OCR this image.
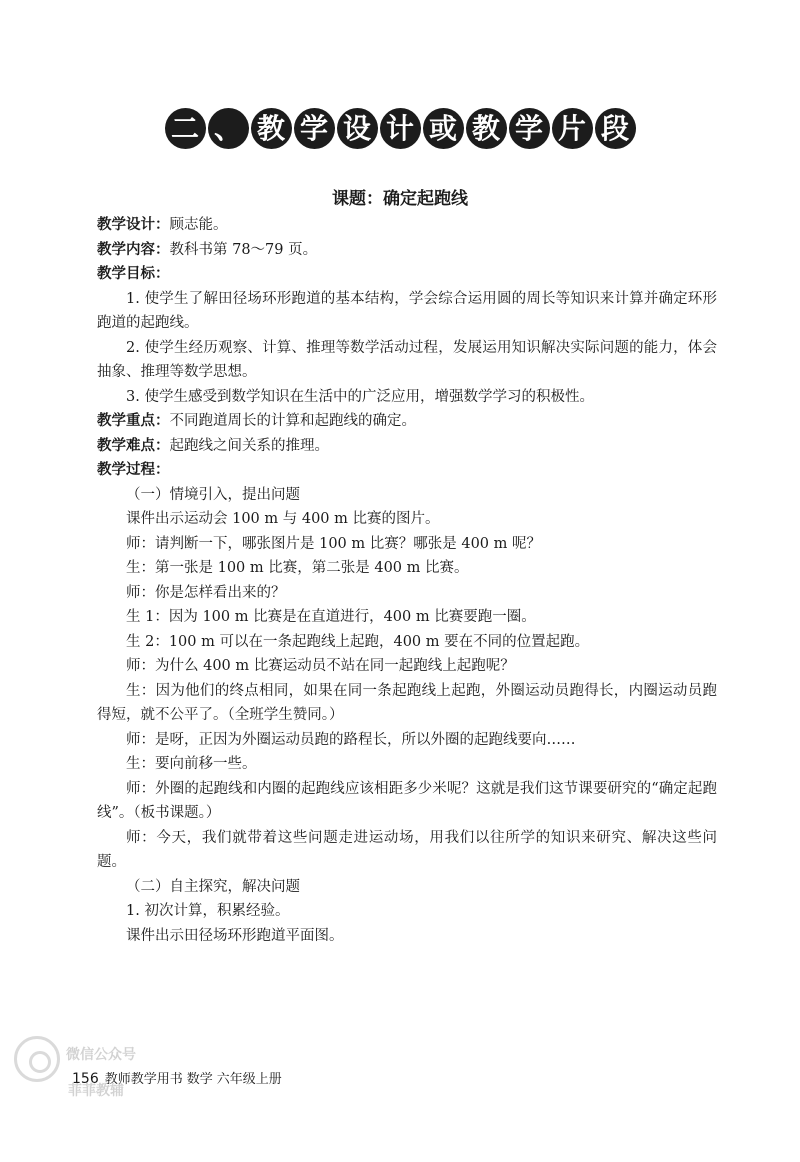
二 、 教 学 设 计 或 教 学 片 段
课题：确定起跑线

教学设计：顾志能。

教学内容：教科书第 78～79 页。

教学目标：

1. 使学生了解田径场环形跑道的基本结构，学会综合运用圆的周长等知识来计算并确定环形跑道的起跑线。

2. 使学生经历观察、计算、推理等数学活动过程，发展运用知识解决实际问题的能力，体会抽象、推理等数学思想。

3. 使学生感受到数学知识在生活中的广泛应用，增强数学学习的积极性。

教学重点：不同跑道周长的计算和起跑线的确定。

教学难点：起跑线之间关系的推理。

教学过程：

（一）情境引入，提出问题

课件出示运动会 100 m 与 400 m 比赛的图片。

师：请判断一下，哪张图片是 100 m 比赛？哪张是 400 m 呢？

生：第一张是 100 m 比赛，第二张是 400 m 比赛。

师：你是怎样看出来的？

生 1：因为 100 m 比赛是在直道进行，400 m 比赛要跑一圈。

生 2：100 m 可以在一条起跑线上起跑，400 m 要在不同的位置起跑。

师：为什么 400 m 比赛运动员不站在同一起跑线上起跑呢？

生：因为他们的终点相同，如果在同一条起跑线上起跑，外圈运动员跑得长，内圈运动员跑得短，就不公平了。（全班学生赞同。）

师：是呀，正因为外圈运动员跑的路程长，所以外圈的起跑线要向……

生：要向前移一些。

师：外圈的起跑线和内圈的起跑线应该相距多少米呢？这就是我们这节课要研究的“确定起跑线”。（板书课题。）

师：今天，我们就带着这些问题走进运动场，用我们以往所学的知识来研究、解决这些问题。

（二）自主探究，解决问题

1. 初次计算，积累经验。

课件出示田径场环形跑道平面图。

微信公众号
菲菲教辅
156 教师教学用书 数学 六年级上册
